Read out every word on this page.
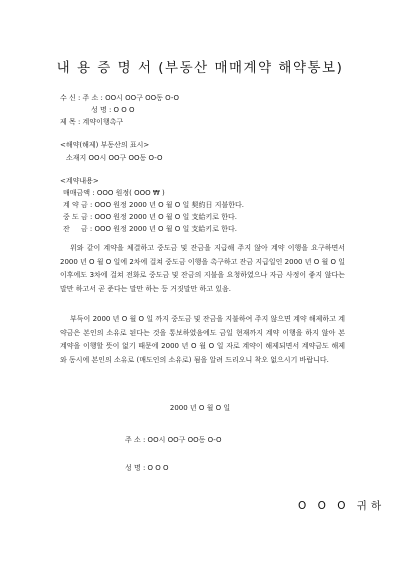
내 용 증 명 서 (부동산 매매계약 해약통보)
수 신 : 주 소 : OO시 OO구 OO동 O-O
성 명 : O O O
제 목 : 계약이행촉구
<해약(해제) 부동산의 표시>
소재지 OO시 OO구 OO동 O-O
<계약내용>
매매금액 : OOO 원정( OOO ₩ )
계 약 금 : OOO 원정 2000 년 O 월 O 일 契約日 지불한다.
중 도 금 : OOO 원정 2000 년 O 월 O 일 支給키로 한다.
잔     금 : OOO 원정 2000 년 O 월 O 일 支給키로 한다.
위와 같이 계약을 체결하고 중도금 및 잔금을 지급해 주지 않아 계약 이행을 요구하면서 2000 년 O 월 O 일에 2차에 걸쳐 중도금 이행을 촉구하고 잔금 지급일인 2000 년 O 월 O 일 이후에도 3차에 걸쳐 전화로 중도금 및 잔금의 지불을 요청하였으나 자금 사정이 좋지 않다는 말만 하고서 곧 준다는 말만 하는 등 거짓말만 하고 있음.
부득이 2000 년 O 월 O 일 까지 중도금 및 잔금을 지불하여 주지 않으면 계약 해제하고 계약금은 본인의 소유로 된다는 것을 통보하였음에도 금일 현재까지 계약 이행을 하지 않아 본 계약을 이행할 뜻이 없기 때문에 2000 년 O 월 O 일 자로 계약이 해제되면서 계약금도 해제와 동시에 본인의 소유로 (매도인의 소유로) 됨을 알려 드리오니 착오 없으시기 바랍니다.
2000 년 O 월 O 일
주 소 : OO시 OO구 OO동 O-O
성 명 : O O O
O O O 귀하
